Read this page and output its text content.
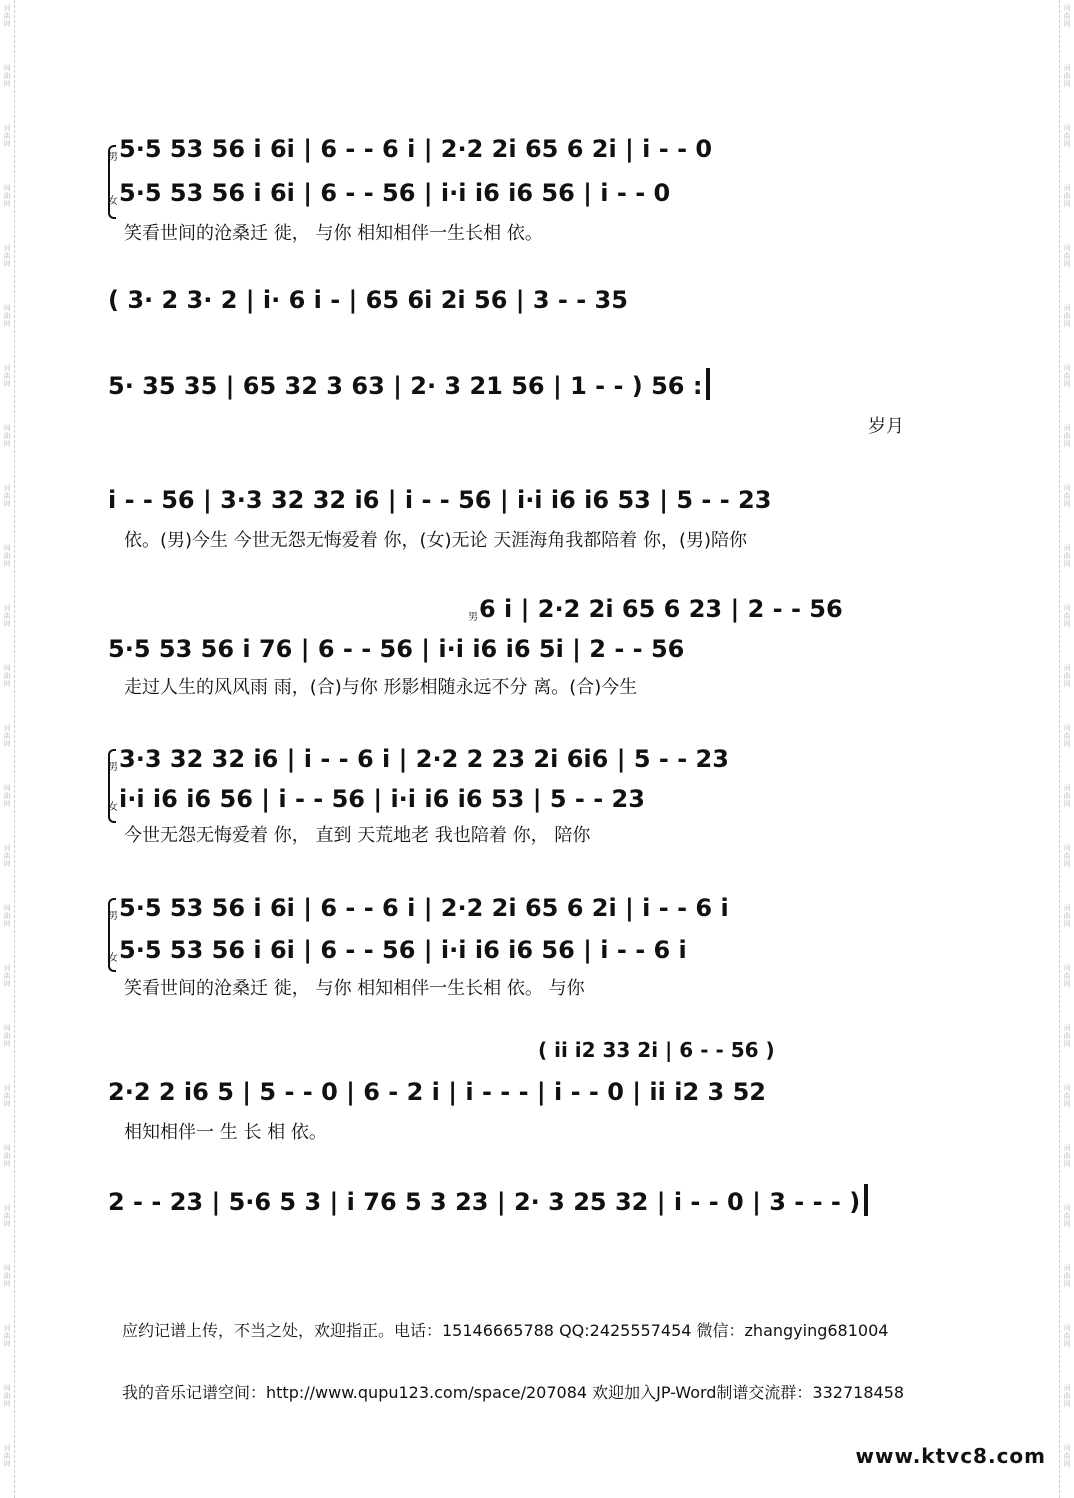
男 5·5 53 56 i 6i | 6 - - 6 i | 2·2 2i 65 6 2i | i - - 0
女 5·5 53 56 i 6i | 6 - - 56 | i·i i6 i6 56 | i - - 0
笑看世间的沧桑迁 徙， 与你 相知相伴一生长相 依。
( 3· 2 3· 2 | i· 6 i - | 65 6i 2i 56 | 3 - - 35
5· 35 35 | 65 32 3 63 | 2· 3 21 56 | 1 - - ) 56 :
岁月
i - - 56 | 3·3 32 32 i6 | i - - 56 | i·i i6 i6 53 | 5 - - 23
依。(男)今生 今世无怨无悔爱着 你，(女)无论 天涯海角我都陪着 你，(男)陪你
男 6 i | 2·2 2i 65 6 23 | 2 - - 56
5·5 53 56 i 76 | 6 - - 56 | i·i i6 i6 5i | 2 - - 56
走过人生的风风雨 雨，(合)与你 形影相随永远不分 离。(合)今生
男 3·3 32 32 i6 | i - - 6 i | 2·2 2 23 2i 6i6 | 5 - - 23
女 i·i i6 i6 56 | i - - 56 | i·i i6 i6 53 | 5 - - 23
今世无怨无悔爱着 你， 直到 天荒地老 我也陪着 你， 陪你
男 5·5 53 56 i 6i | 6 - - 6 i | 2·2 2i 65 6 2i | i - - 6 i
女 5·5 53 56 i 6i | 6 - - 56 | i·i i6 i6 56 | i - - 6 i
笑看世间的沧桑迁 徙， 与你 相知相伴一生长相 依。 与你
( ii i2 33 2i | 6 - - 56 )
2·2 2 i6 5 | 5 - - 0 | 6 - 2 i | i - - - | i - - 0 | ii i2 3 52
相知相伴一 生 长 相 依。
2 - - 23 | 5·6 5 3 | i 76 5 3 23 | 2· 3 25 32 | i - - 0 | 3 - - - )
应约记谱上传，不当之处，欢迎指正。电话：15146665788 QQ:2425557454 微信：zhangying681004
我的音乐记谱空间：http://www.qupu123.com/space/207084 欢迎加入JP-Word制谱交流群：332718458
www.ktvc8.com
词曲网
词曲网
词曲网
词曲网
词曲网
词曲网
词曲网
词曲网
词曲网
词曲网
词曲网
词曲网
词曲网
词曲网
词曲网
词曲网
词曲网
词曲网
词曲网
词曲网
词曲网
词曲网
词曲网
词曲网
词曲网
词曲网
词曲网
词曲网
词曲网
词曲网
词曲网
词曲网
词曲网
词曲网
词曲网
词曲网
词曲网
词曲网
词曲网
词曲网
词曲网
词曲网
词曲网
词曲网
词曲网
词曲网
词曲网
词曲网
词曲网
词曲网
